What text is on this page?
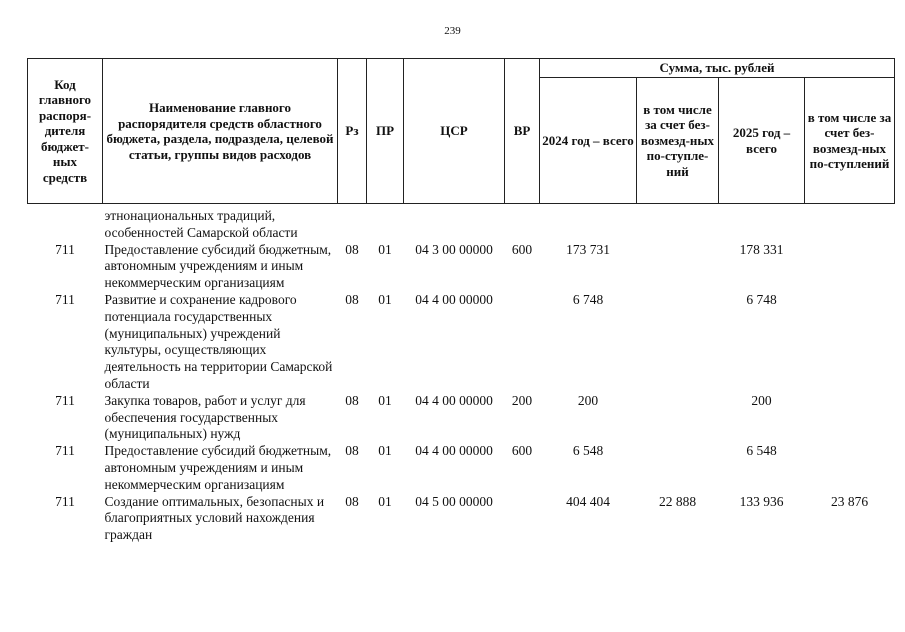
239
Код главного распоря-дителя бюджет-ных средств	Наименование главного распорядителя средств областного бюджета, раздела, подраздела, целевой статьи, группы видов расходов	Рз	ПР	ЦСР	ВР	Сумма, тыс. рублей			
						2024 год – всего	в том числе за счет без-возмезд-ных по-ступле-ний	2025 год – всего	в том числе за счет без-возмезд-ных по-ступлений
	этнонациональных традиций, особенностей Самарской области								
711	Предоставление субсидий бюджетным, автономным учреждениям и иным некоммерческим организациям	08	01	04 3 00 00000	600	173 731		178 331	
711	Развитие и сохранение кадрового потенциала государственных (муниципальных) учреждений культуры, осуществляющих деятельность на территории Самарской области	08	01	04 4 00 00000		6 748		6 748	
711	Закупка товаров, работ и услуг для обеспечения государственных (муниципальных) нужд	08	01	04 4 00 00000	200	200		200	
711	Предоставление субсидий бюджетным, автономным учреждениям и иным некоммерческим организациям	08	01	04 4 00 00000	600	6 548		6 548	
711	Создание оптимальных, безопасных и благоприятных условий нахождения граждан	08	01	04 5 00 00000		404 404	22 888	133 936	23 876
